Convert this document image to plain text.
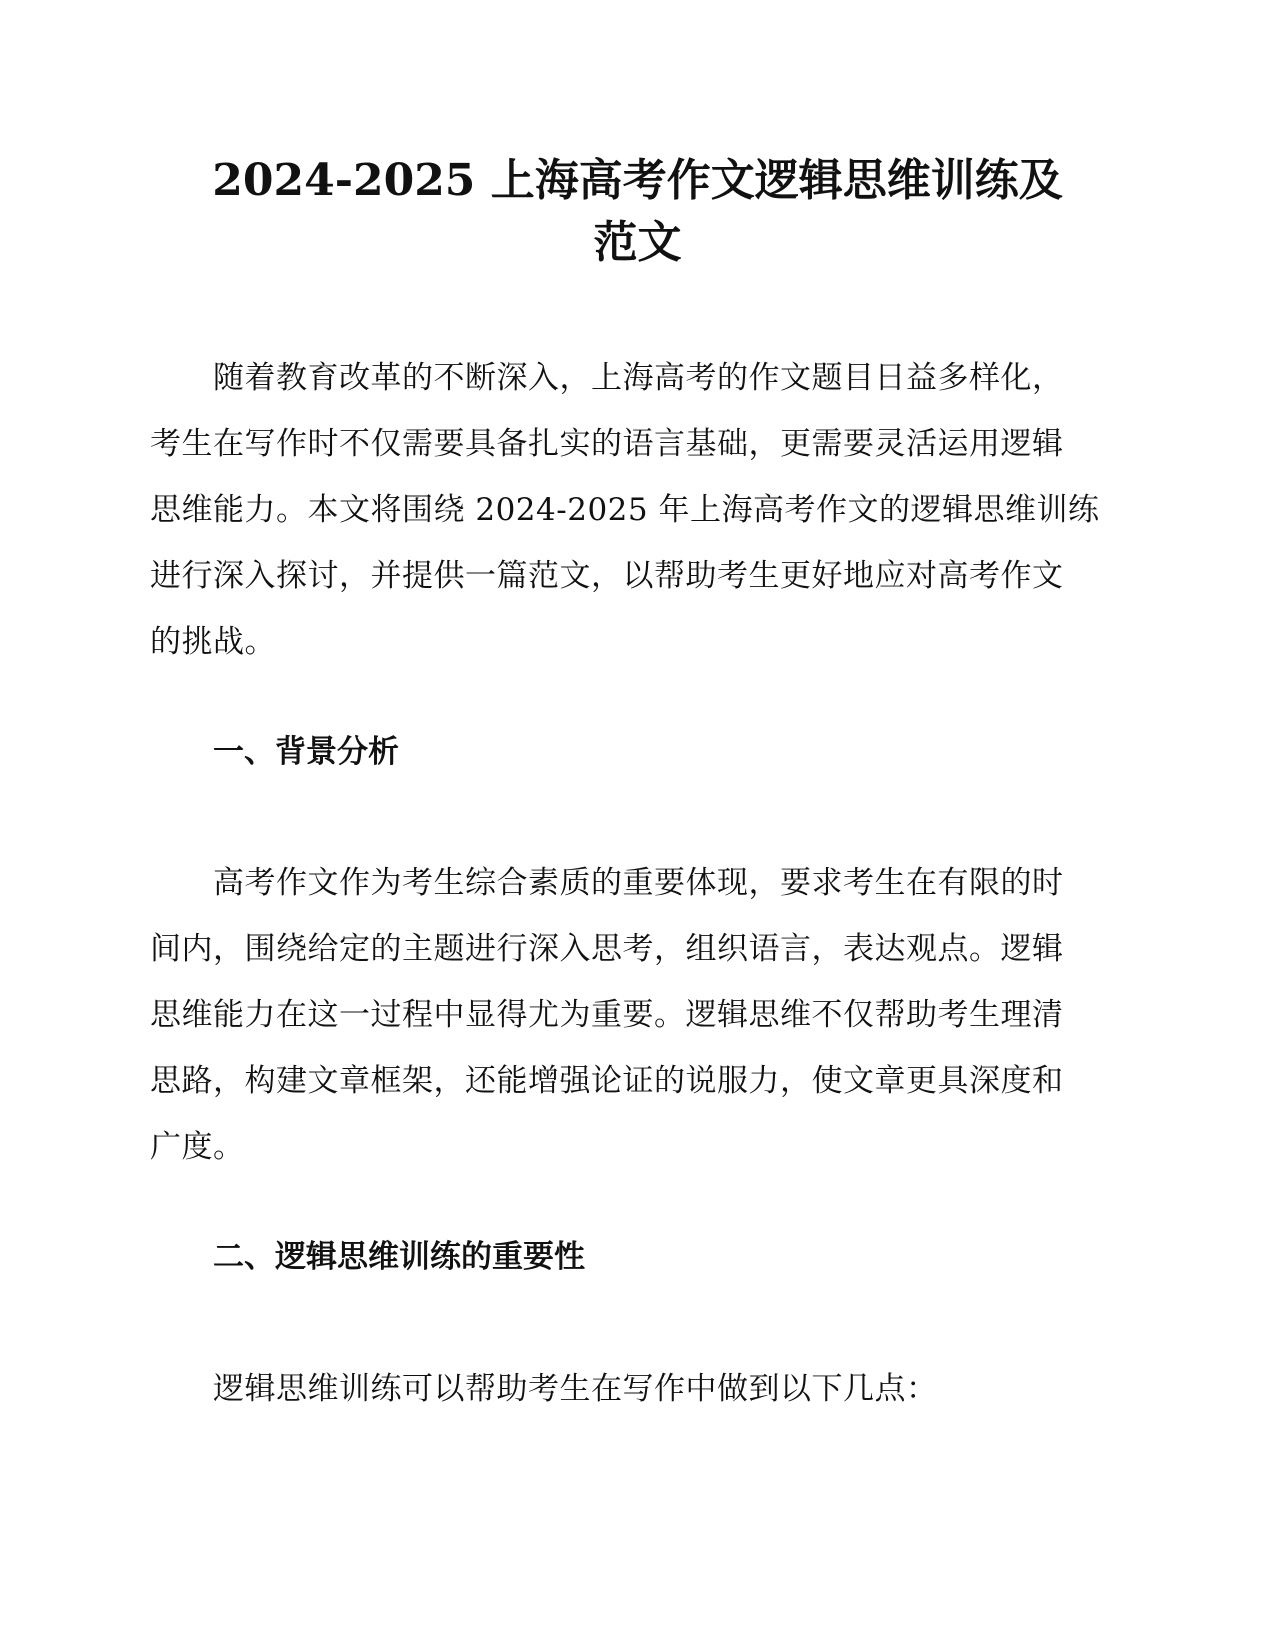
2024-2025 上海高考作文逻辑思维训练及
范文

随着教育改革的不断深入，上海高考的作文题目日益多样化，
考生在写作时不仅需要具备扎实的语言基础，更需要灵活运用逻辑
思维能力。本文将围绕 2024-2025 年上海高考作文的逻辑思维训练
进行深入探讨，并提供一篇范文，以帮助考生更好地应对高考作文
的挑战。

一、背景分析

高考作文作为考生综合素质的重要体现，要求考生在有限的时
间内，围绕给定的主题进行深入思考，组织语言，表达观点。逻辑
思维能力在这一过程中显得尤为重要。逻辑思维不仅帮助考生理清
思路，构建文章框架，还能增强论证的说服力，使文章更具深度和
广度。

二、逻辑思维训练的重要性

逻辑思维训练可以帮助考生在写作中做到以下几点：
